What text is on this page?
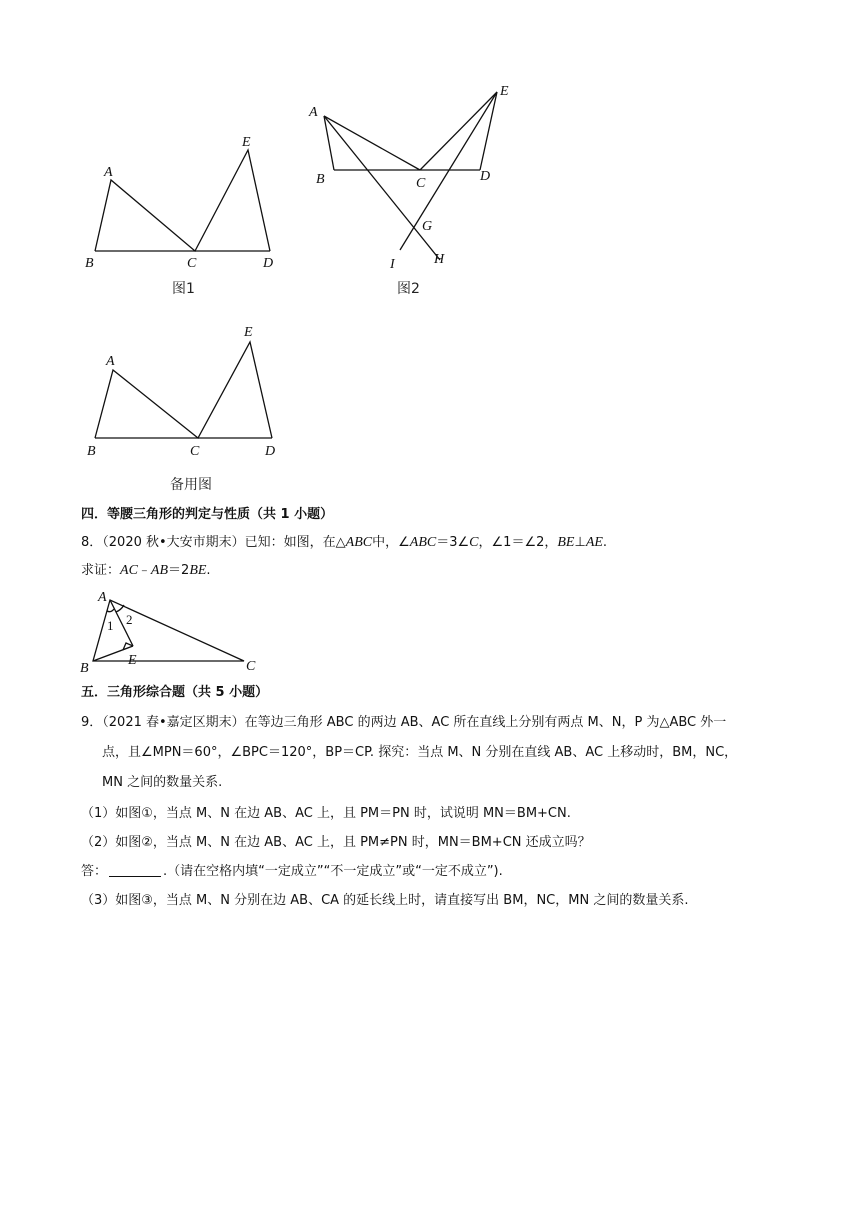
A
B	C	D
E
图1
A
B	C	D
E
G
H
I
图2
A
B	C	D
E
备用图
四．等腰三角形的判定与性质（共 1 小题）
8．（2020 秋•大安市期末）已知：如图，在△ABC中，∠ABC＝3∠C，∠1＝∠2，BE⊥AE.
求证：AC﹣AB＝2BE.
A
B	C
E
1 2
五．三角形综合题（共 5 小题）
9．（2021 春•嘉定区期末）在等边三角形 ABC 的两边 AB、AC 所在直线上分别有两点 M、N，P 为△ABC 外一
点，且∠MPN＝60°，∠BPC＝120°，BP＝CP. 探究：当点 M、N 分别在直线 AB、AC 上移动时，BM，NC，
MN 之间的数量关系.
（1）如图①，当点 M、N 在边 AB、AC 上，且 PM＝PN 时，试说明 MN＝BM+CN.
（2）如图②，当点 M、N 在边 AB、AC 上，且 PM≠PN 时，MN＝BM+CN 还成立吗？
答：	.（请在空格内填“一定成立”“不一定成立”或“一定不成立”).
（3）如图③，当点 M、N 分别在边 AB、CA 的延长线上时，请直接写出 BM，NC，MN 之间的数量关系.
